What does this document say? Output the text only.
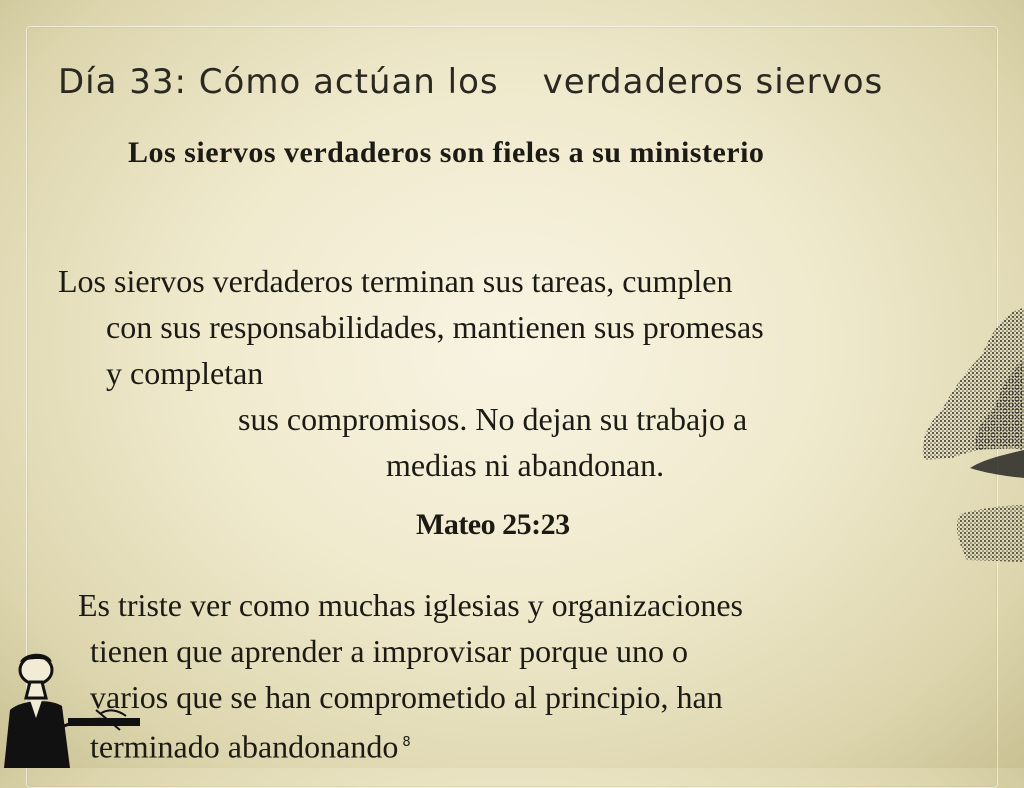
Día 33: Cómo actúan los verdaderos siervos
Los siervos verdaderos son fieles a su ministerio
Los siervos verdaderos terminan sus tareas, cumplen
con sus responsabilidades, mantienen sus promesas
y completan
sus compromisos. No dejan su trabajo a
medias ni abandonan.
Mateo 25:23
Es triste ver como muchas iglesias y organizaciones
tienen que aprender a improvisar porque uno o
varios que se han comprometido al principio, han
terminado abandonando $^8$
